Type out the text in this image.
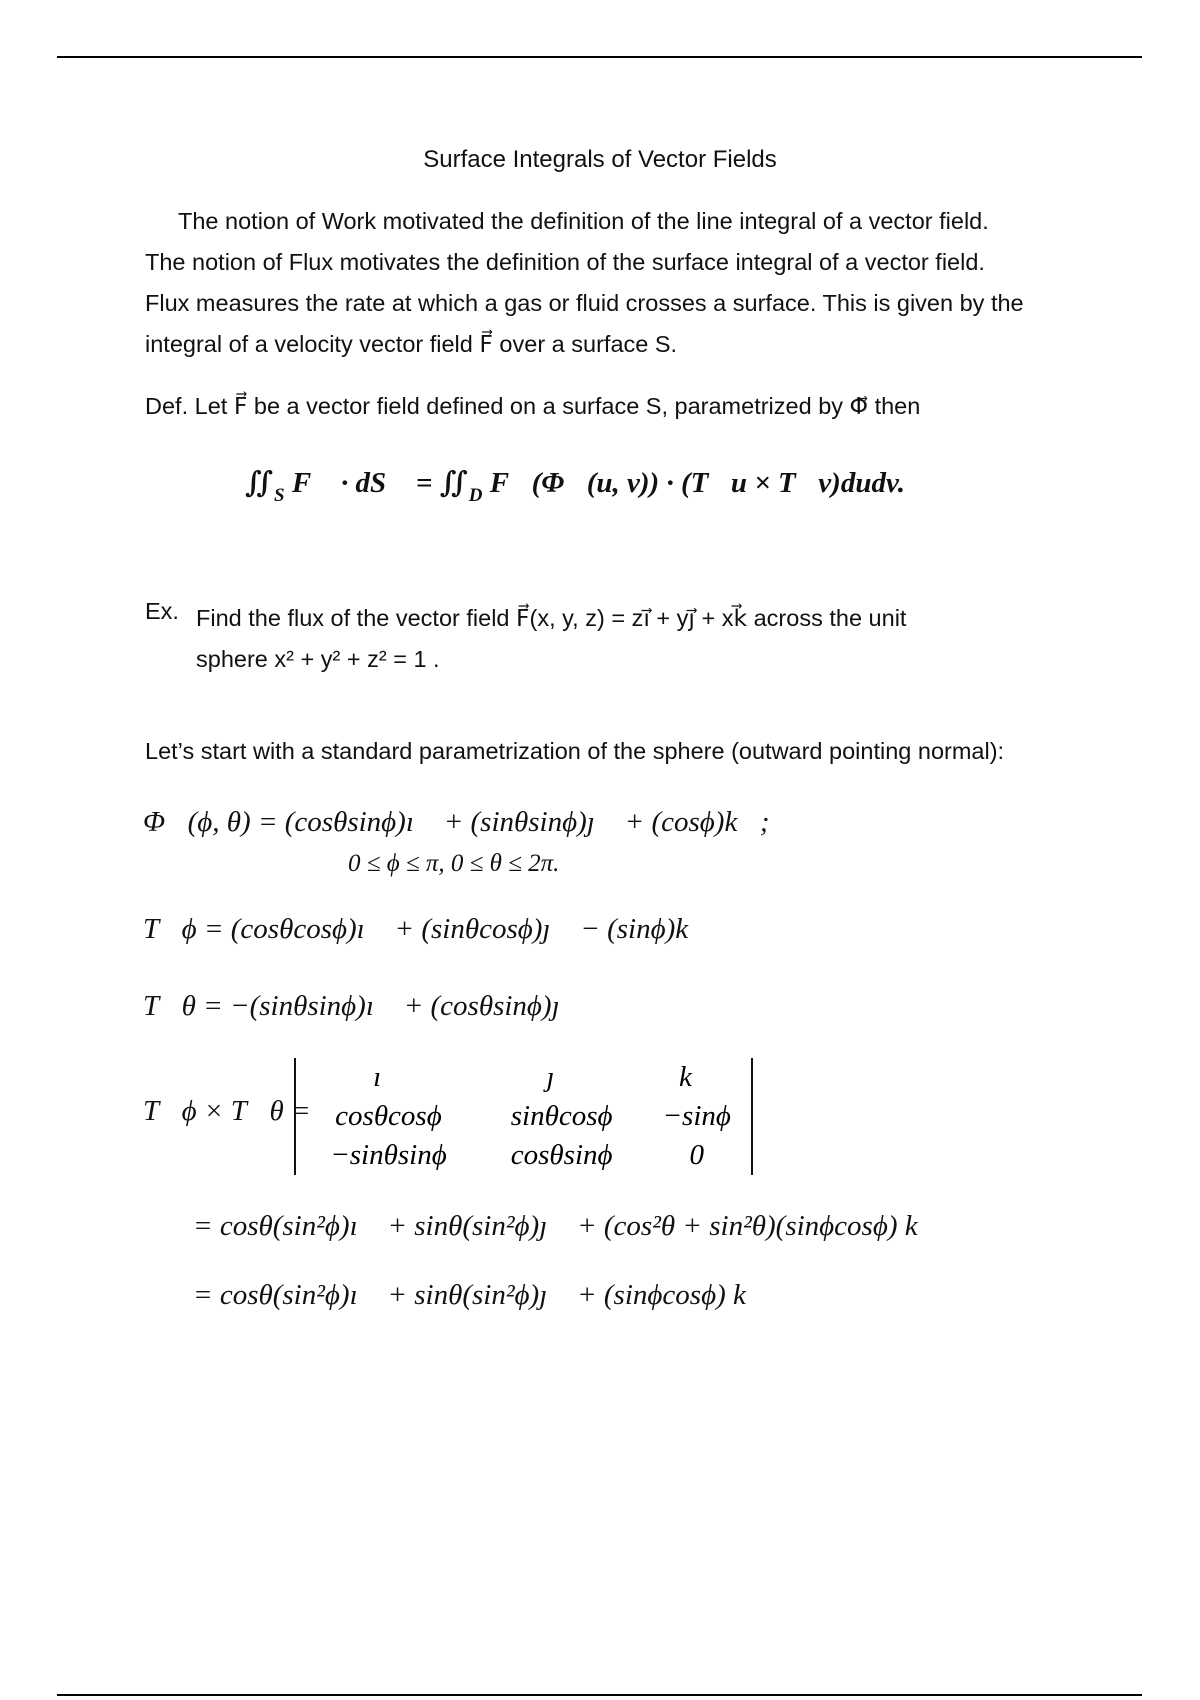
Surface Integrals of Vector Fields
The notion of Work motivated the definition of the line integral of a vector field.
The notion of Flux motivates the definition of the surface integral of a vector field.
Flux measures the rate at which a gas or fluid crosses a surface. This is given by the
integral of a velocity vector field F⃗ over a surface S.
Def. Let F⃗ be a vector field defined on a surface S, parametrized by Φ⃗ then
$∬_S$ F⃗ · dS⃗ = $∬_D$ F⃗(Φ⃗(u, v)) · (T⃗u × T⃗v)dudv.
Ex. Find the flux of the vector field F⃗(x, y, z) = zı⃗ + yȷ⃗ + xk⃗ across the unit
sphere x² + y² + z² = 1 .
Let’s start with a standard parametrization of the sphere (outward pointing normal):
Φ⃗(ϕ, θ) = (cosθsinϕ)ı⃗ + (sinθsinϕ)ȷ⃗ + (cosϕ)k⃗;
0 ≤ ϕ ≤ π, 0 ≤ θ ≤ 2π.
T⃗ϕ = (cosθcosϕ)ı⃗ + (sinθcosϕ)ȷ⃗ − (sinϕ)k⃗
T⃗θ = −(sinθsinϕ)ı⃗ + (cosθsinϕ)ȷ⃗
T⃗ϕ × T⃗θ =
ı⃗	ȷ⃗	k⃗
cosθcosϕ	sinθcosϕ	−sinϕ
−sinθsinϕ	cosθsinϕ	0
= cosθ(sin²ϕ)ı⃗ + sinθ(sin²ϕ)ȷ⃗ + (cos²θ + sin²θ)(sinϕcosϕ) k⃗
= cosθ(sin²ϕ)ı⃗ + sinθ(sin²ϕ)ȷ⃗ + (sinϕcosϕ) k⃗
